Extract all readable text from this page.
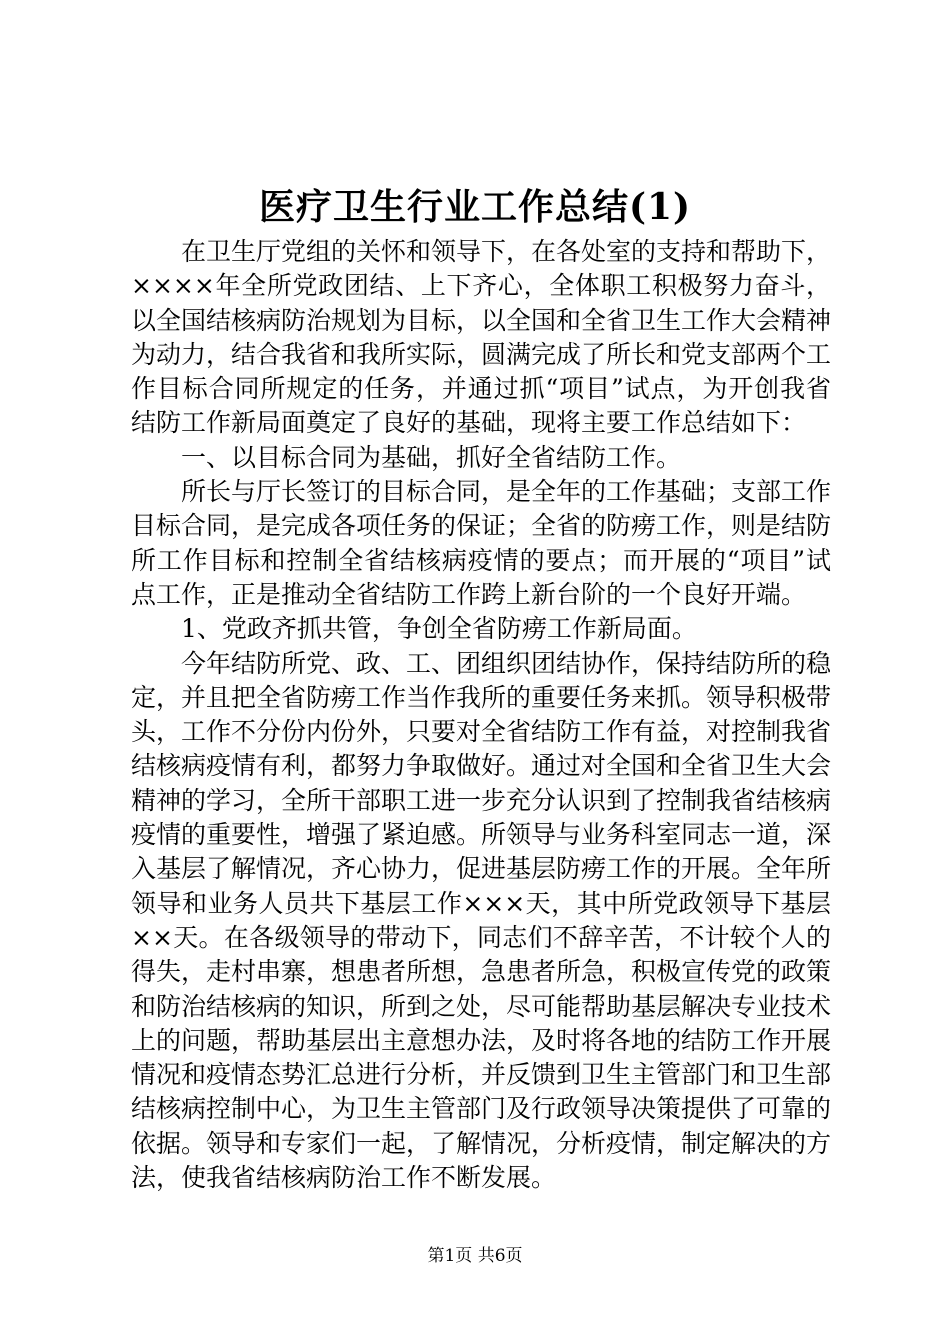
医疗卫生行业工作总结(1)

在卫生厅党组的关怀和领导下，在各处室的支持和帮助下，××××年全所党政团结、上下齐心，全体职工积极努力奋斗，以全国结核病防治规划为目标，以全国和全省卫生工作大会精神为动力，结合我省和我所实际，圆满完成了所长和党支部两个工作目标合同所规定的任务，并通过抓“项目”试点，为开创我省结防工作新局面奠定了良好的基础，现将主要工作总结如下：

一、以目标合同为基础，抓好全省结防工作。

所长与厅长签订的目标合同，是全年的工作基础；支部工作目标合同，是完成各项任务的保证；全省的防痨工作，则是结防所工作目标和控制全省结核病疫情的要点；而开展的“项目”试点工作，正是推动全省结防工作跨上新台阶的一个良好开端。

1、党政齐抓共管，争创全省防痨工作新局面。

今年结防所党、政、工、团组织团结协作，保持结防所的稳定，并且把全省防痨工作当作我所的重要任务来抓。领导积极带头，工作不分份内份外，只要对全省结防工作有益，对控制我省结核病疫情有利，都努力争取做好。通过对全国和全省卫生大会精神的学习，全所干部职工进一步充分认识到了控制我省结核病疫情的重要性，增强了紧迫感。所领导与业务科室同志一道，深入基层了解情况，齐心协力，促进基层防痨工作的开展。全年所领导和业务人员共下基层工作×××天，其中所党政领导下基层××天。在各级领导的带动下，同志们不辞辛苦，不计较个人的得失，走村串寨，想患者所想，急患者所急，积极宣传党的政策和防治结核病的知识，所到之处，尽可能帮助基层解决专业技术上的问题，帮助基层出主意想办法，及时将各地的结防工作开展情况和疫情态势汇总进行分析，并反馈到卫生主管部门和卫生部结核病控制中心，为卫生主管部门及行政领导决策提供了可靠的依据。领导和专家们一起，了解情况，分析疫情，制定解决的方法，使我省结核病防治工作不断发展。

第1页 共6页
